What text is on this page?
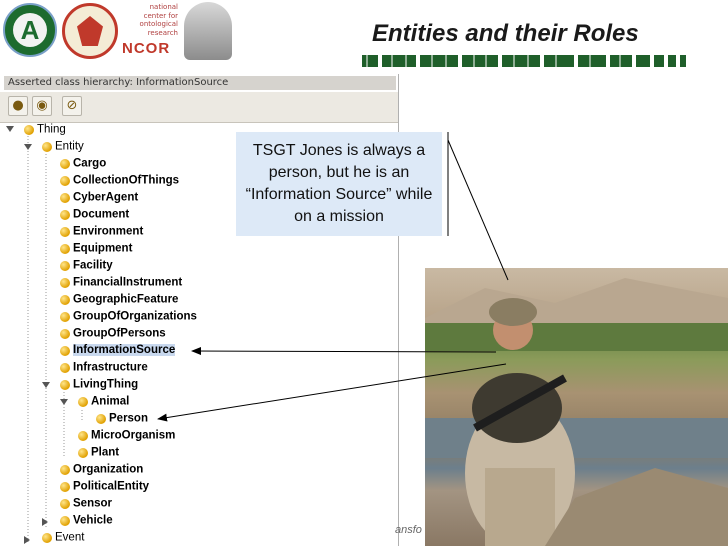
A
national
center for
ontological
research
NCOR
Entities and their Roles
Asserted class hierarchy: InformationSource
● ◉	⊘
Thing
Entity
Cargo
CollectionOfThings
CyberAgent
Document
Environment
Equipment
Facility
FinancialInstrument
GeographicFeature
GroupOfOrganizations
GroupOfPersons
InformationSource
Infrastructure
LivingThing
Animal
Person
MicroOrganism
Plant
Organization
PoliticalEntity
Sensor
Vehicle
Event
ansfo
TSGT Jones is always a person, but he is an “Information Source” while on a mission
